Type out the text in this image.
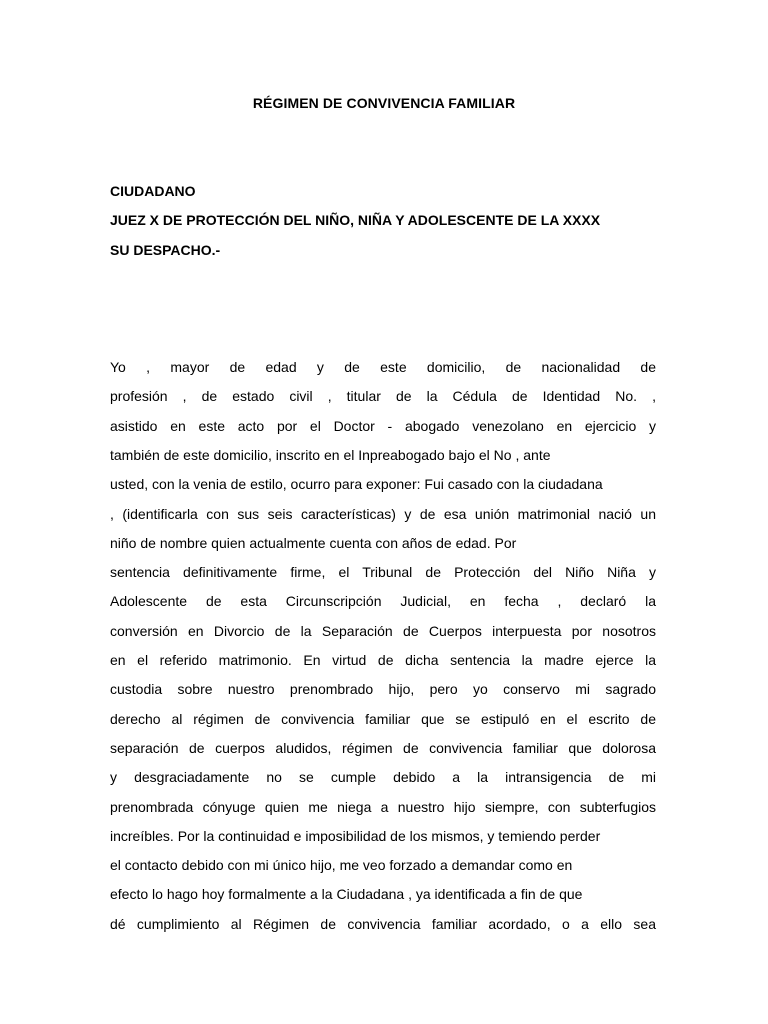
RÉGIMEN DE CONVIVENCIA FAMILIAR
CIUDADANO
JUEZ X DE PROTECCIÓN DEL NIÑO, NIÑA Y ADOLESCENTE DE LA XXXX
SU DESPACHO.-
Yo , mayor de edad y de este domicilio, de nacionalidad de
profesión , de estado civil , titular de la Cédula de Identidad No. ,
asistido en este acto por el Doctor - abogado venezolano en ejercicio y
también de este domicilio, inscrito en el Inpreabogado bajo el No , ante
usted, con la venia de estilo, ocurro para exponer: Fui casado con la ciudadana
, (identificarla con sus seis características) y de esa unión matrimonial nació un
niño de nombre quien actualmente cuenta con años de edad. Por
sentencia definitivamente firme, el Tribunal de Protección del Niño Niña y
Adolescente de esta Circunscripción Judicial, en fecha , declaró la
conversión en Divorcio de la Separación de Cuerpos interpuesta por nosotros
en el referido matrimonio. En virtud de dicha sentencia la madre ejerce la
custodia sobre nuestro prenombrado hijo, pero yo conservo mi sagrado
derecho al régimen de convivencia familiar que se estipuló en el escrito de
separación de cuerpos aludidos, régimen de convivencia familiar que dolorosa
y desgraciadamente no se cumple debido a la intransigencia de mi
prenombrada cónyuge quien me niega a nuestro hijo siempre, con subterfugios
increíbles. Por la continuidad e imposibilidad de los mismos, y temiendo perder
el contacto debido con mi único hijo, me veo forzado a demandar como en
efecto lo hago hoy formalmente a la Ciudadana , ya identificada a fin de que
dé cumplimiento al Régimen de convivencia familiar acordado, o a ello sea
